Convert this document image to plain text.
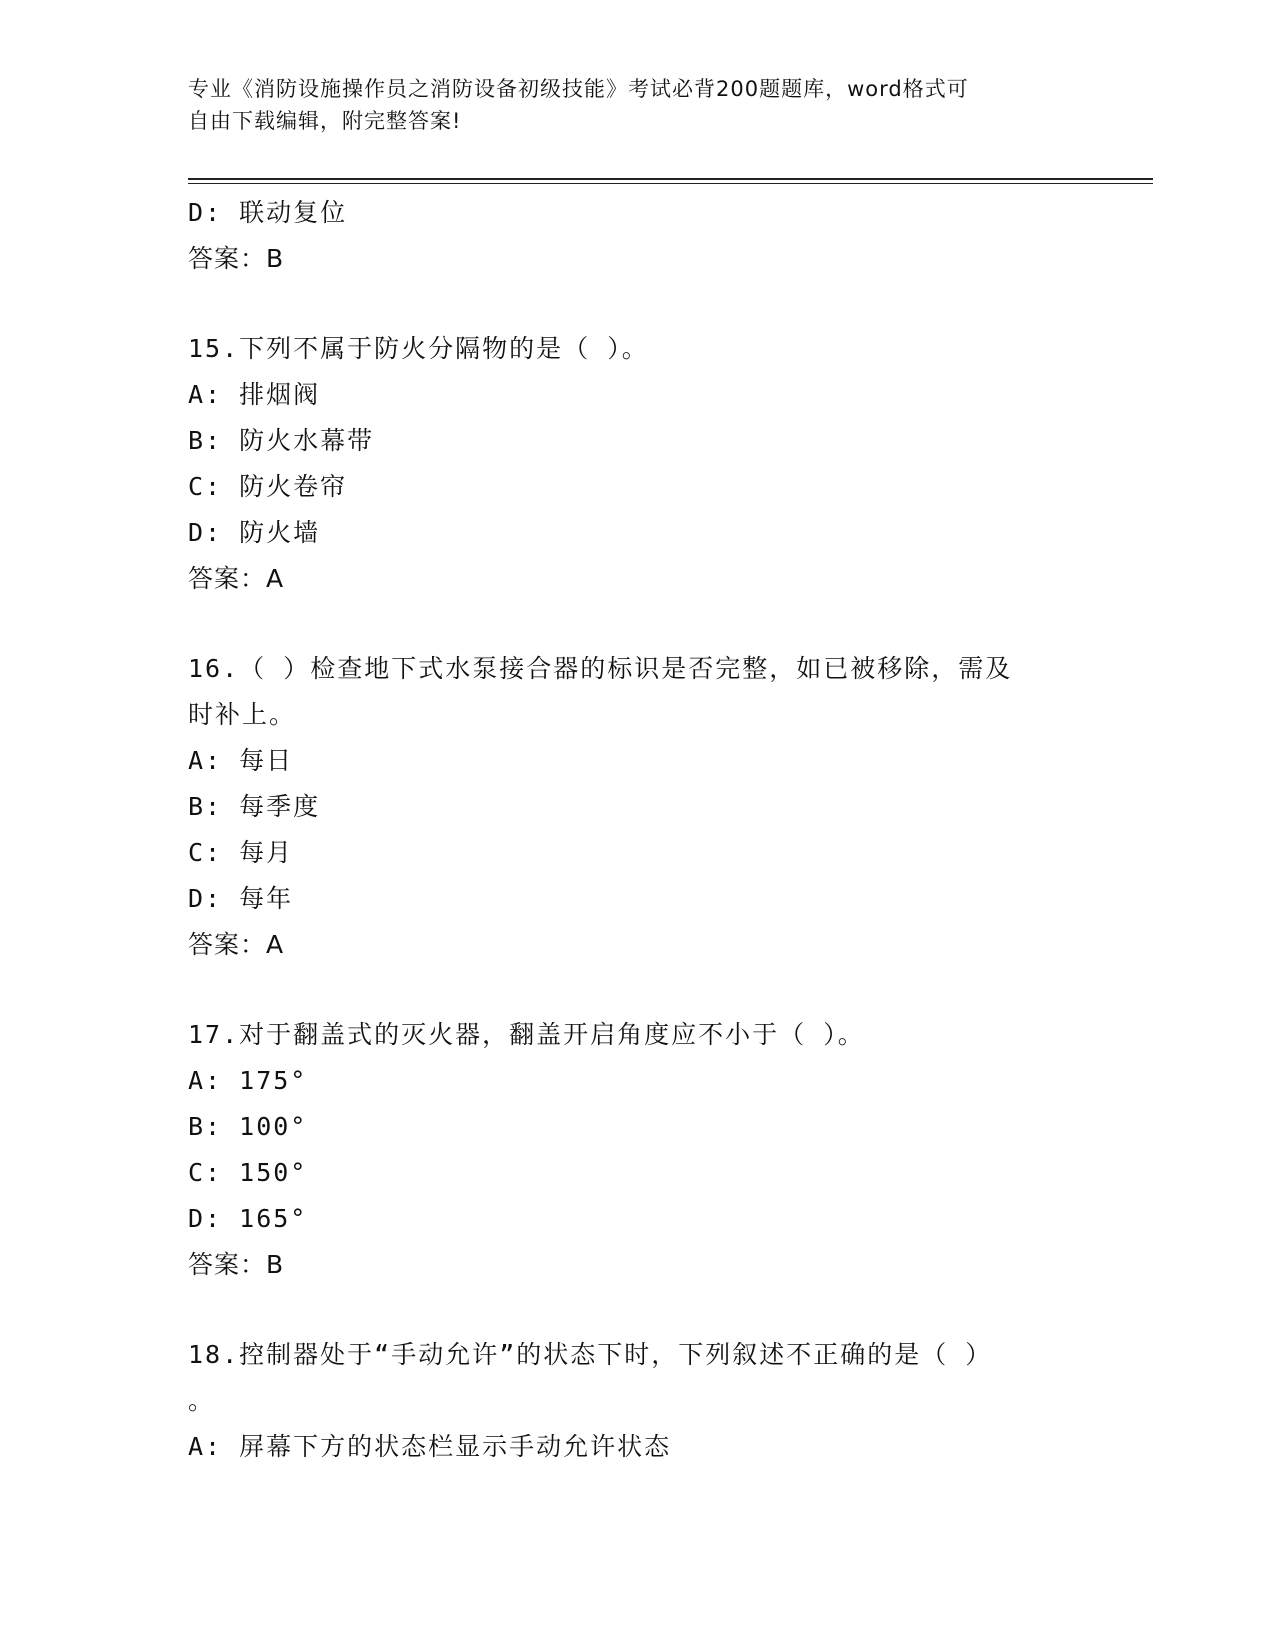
专业《消防设施操作员之消防设备初级技能》考试必背200题题库，word格式可
自由下载编辑，附完整答案!
D: 联动复位
答案：B
15.下列不属于防火分隔物的是（ ）。
A: 排烟阀
B: 防火水幕带
C: 防火卷帘
D: 防火墙
答案：A
16.（ ）检查地下式水泵接合器的标识是否完整，如已被移除，需及
时补上。
A: 每日
B: 每季度
C: 每月
D: 每年
答案：A
17.对于翻盖式的灭火器，翻盖开启角度应不小于（ ）。
A: 175°
B: 100°
C: 150°
D: 165°
答案：B
18.控制器处于“手动允许”的状态下时，下列叙述不正确的是（ ）
。
A: 屏幕下方的状态栏显示手动允许状态
